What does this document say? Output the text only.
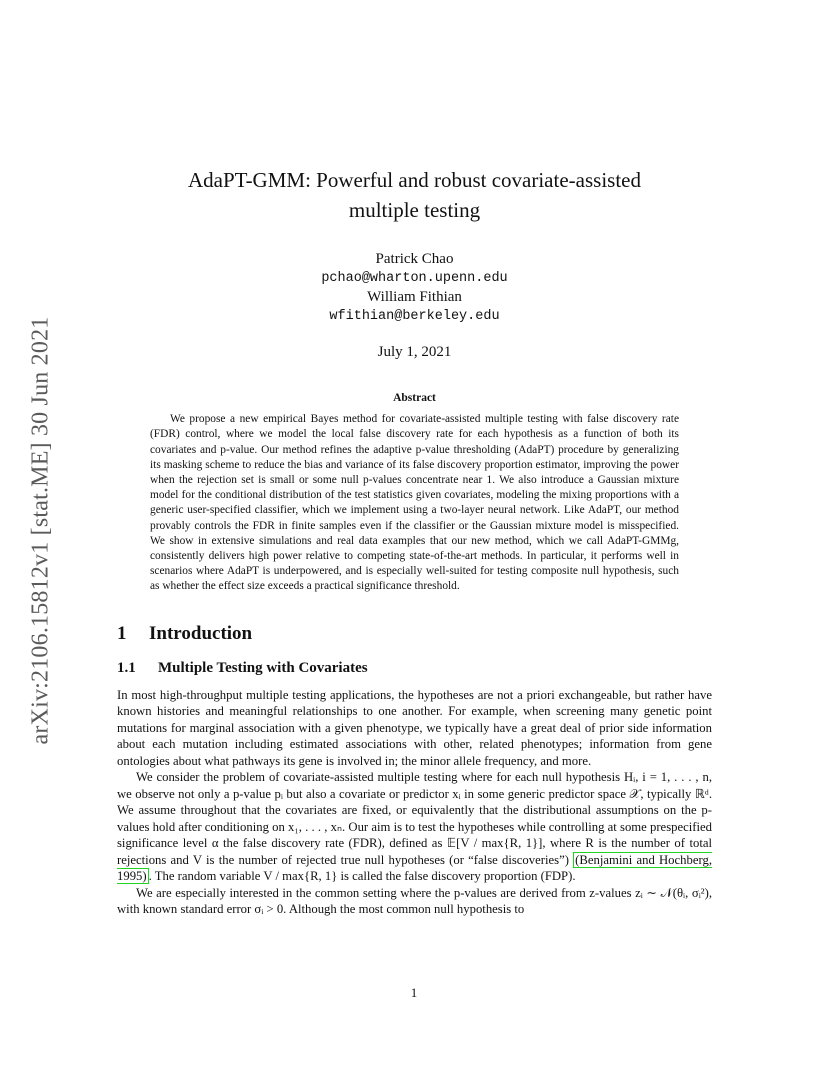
arXiv:2106.15812v1 [stat.ME] 30 Jun 2021
AdaPT-GMM: Powerful and robust covariate-assisted
multiple testing
Patrick Chao
pchao@wharton.upenn.edu
William Fithian
wfithian@berkeley.edu
July 1, 2021
Abstract

We propose a new empirical Bayes method for covariate-assisted multiple testing with false discovery rate (FDR) control, where we model the local false discovery rate for each hypothesis as a function of both its covariates and p-value. Our method refines the adaptive p-value thresholding (AdaPT) procedure by generalizing its masking scheme to reduce the bias and variance of its false discovery proportion estimator, improving the power when the rejection set is small or some null p-values concentrate near 1. We also introduce a Gaussian mixture model for the conditional distribution of the test statistics given covariates, modeling the mixing proportions with a generic user-specified classifier, which we implement using a two-layer neural network. Like AdaPT, our method provably controls the FDR in finite samples even if the classifier or the Gaussian mixture model is misspecified. We show in extensive simulations and real data examples that our new method, which we call AdaPT-GMMg, consistently delivers high power relative to competing state-of-the-art methods. In particular, it performs well in scenarios where AdaPT is underpowered, and is especially well-suited for testing composite null hypothesis, such as whether the effect size exceeds a practical significance threshold.

1 Introduction
1.1 Multiple Testing with Covariates

In most high-throughput multiple testing applications, the hypotheses are not a priori exchangeable, but rather have known histories and meaningful relationships to one another. For example, when screening many genetic point mutations for marginal association with a given phenotype, we typically have a great deal of prior side information about each mutation including estimated associations with other, related phenotypes; information from gene ontologies about what pathways its gene is involved in; the minor allele frequency, and more.

We consider the problem of covariate-assisted multiple testing where for each null hypothesis Hᵢ, i = 1, . . . , n, we observe not only a p-value pᵢ but also a covariate or predictor xᵢ in some generic predictor space 𝒳, typically ℝᵈ. We assume throughout that the covariates are fixed, or equivalently that the distributional assumptions on the p-values hold after conditioning on x₁, . . . , xₙ. Our aim is to test the hypotheses while controlling at some prespecified significance level α the false discovery rate (FDR), defined as 𝔼[V / max{R, 1}], where R is the number of total rejections and V is the number of rejected true null hypotheses (or “false discoveries”) (Benjamini and Hochberg, 1995) . The random variable V / max{R, 1} is called the false discovery proportion (FDP).

We are especially interested in the common setting where the p-values are derived from z-values zᵢ ∼ 𝒩(θᵢ, σᵢ²), with known standard error σᵢ > 0. Although the most common null hypothesis to

1
